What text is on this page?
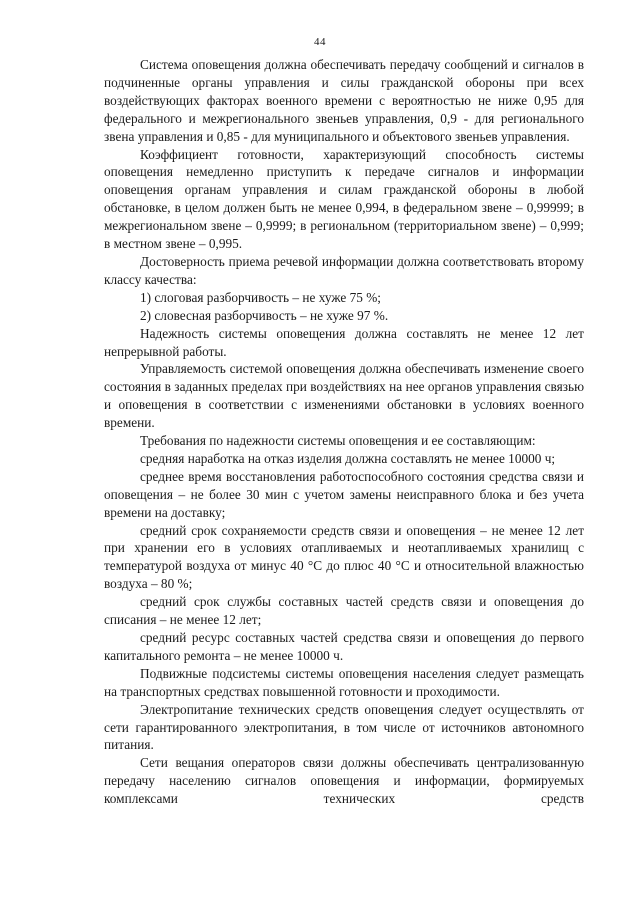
44

Система оповещения должна обеспечивать передачу сообщений и сигналов в подчиненные органы управления и силы гражданской обороны при всех воздействующих факторах военного времени с вероятностью не ниже 0,95 для федерального и межрегионального звеньев управления, 0,9 - для регионального звена управления и 0,85 - для муниципального и объектового звеньев управления.

Коэффициент готовности, характеризующий способность системы оповещения немедленно приступить к передаче сигналов и информации оповещения органам управления и силам гражданской обороны в любой обстановке, в целом должен быть не менее 0,994, в федеральном звене – 0,99999; в межрегиональном звене – 0,9999; в региональном (территориальном звене) – 0,999; в местном звене – 0,995.

Достоверность приема речевой информации должна соответствовать второму классу качества:

1) слоговая разборчивость – не хуже 75 %;

2) словесная разборчивость – не хуже 97 %.

Надежность системы оповещения должна составлять не менее 12 лет непрерывной работы.

Управляемость системой оповещения должна обеспечивать изменение своего состояния в заданных пределах при воздействиях на нее органов управления связью и оповещения в соответствии с изменениями обстановки в условиях военного времени.

Требования по надежности системы оповещения и ее составляющим:

средняя наработка на отказ изделия должна составлять не менее 10000 ч;

среднее время восстановления работоспособного состояния средства связи и оповещения – не более 30 мин с учетом замены неисправного блока и без учета времени на доставку;

средний срок сохраняемости средств связи и оповещения – не менее 12 лет при хранении его в условиях отапливаемых и неотапливаемых хранилищ с температурой воздуха от минус 40 °С до плюс 40 °С и относительной влажностью воздуха – 80 %;

средний срок службы составных частей средств связи и оповещения до списания – не менее 12 лет;

средний ресурс составных частей средства связи и оповещения до первого капитального ремонта – не менее 10000 ч.

Подвижные подсистемы системы оповещения населения следует размещать на транспортных средствах повышенной готовности и проходимости.

Электропитание технических средств оповещения следует осуществлять от сети гарантированного электропитания, в том числе от источников автономного питания.

Сети вещания операторов связи должны обеспечивать централизованную передачу населению сигналов оповещения и информации, формируемых комплексами технических средств
